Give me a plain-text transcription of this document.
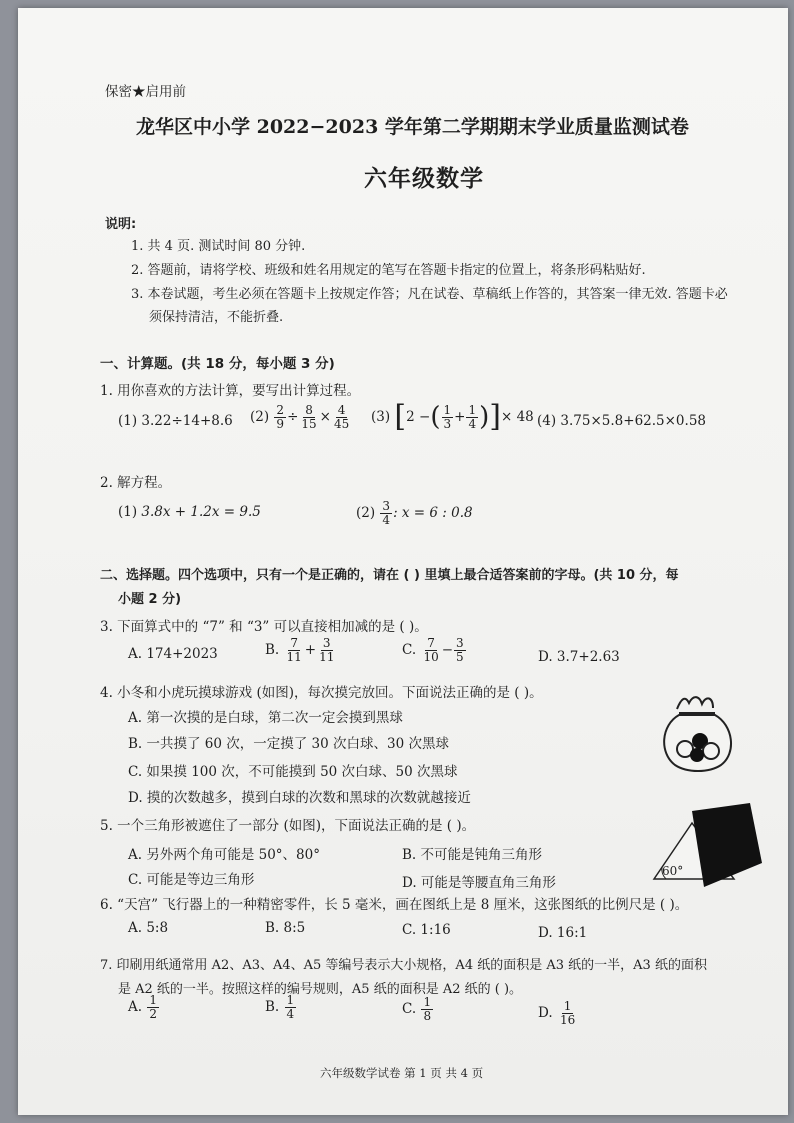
保密★启用前
龙华区中小学 2022−2023 学年第二学期期末学业质量监测试卷
六年级数学
说明:
1. 共 4 页. 测试时间 80 分钟.
2. 答题前，请将学校、班级和姓名用规定的笔写在答题卡指定的位置上，将条形码粘贴好.
3. 本卷试题，考生必须在答题卡上按规定作答；凡在试卷、草稿纸上作答的，其答案一律无效. 答题卡必
须保持清洁，不能折叠.
一、计算题。(共 18 分，每小题 3 分)
1. 用你喜欢的方法计算，要写出计算过程。
(1) 3.22÷14+8.6 (2)
$\frac{2}{9} \div \frac{8}{15} \times \frac{4}{45} (3)$
[ 2 − ( $\frac{1}{3} + \frac{1}{4}$ ) ] × 48 (4) 3.75×5.8+62.5×0.58
2. 解方程。
(1) 3.8x + 1.2x = 9.5	(2)
$\frac{3}{4}$ : x = 6 : 0.8
二、选择题。四个选项中，只有一个是正确的，请在 ( ) 里填上最合适答案前的字母。(共 10 分，每
小题 2 分)
3. 下面算式中的 “7” 和 “3” 可以直接相加减的是 ( )。
A. 174+2023	B.
$\frac{7}{11} + \frac{3}{11}$	C.
$\frac{7}{10} - \frac{3}{5}$	D. 3.7+2.63
4. 小冬和小虎玩摸球游戏 (如图)，每次摸完放回。下面说法正确的是 ( )。
A. 第一次摸的是白球，第二次一定会摸到黑球
B. 一共摸了 60 次，一定摸了 30 次白球、30 次黑球
C. 如果摸 100 次，不可能摸到 50 次白球、50 次黑球
D. 摸的次数越多，摸到白球的次数和黑球的次数就越接近
5. 一个三角形被遮住了一部分 (如图)，下面说法正确的是 ( )。
A. 另外两个角可能是 50°、80°	B. 不可能是钝角三角形
C. 可能是等边三角形	D. 可能是等腰直角三角形
60°
6. “天宫” 飞行器上的一种精密零件，长 5 毫米，画在图纸上是 8 厘米，这张图纸的比例尺是 ( )。
A. 5:8	B. 8:5	C. 1:16	D. 16:1
7. 印刷用纸通常用 A2、A3、A4、A5 等编号表示大小规格，A4 纸的面积是 A3 纸的一半，A3 纸的面积
是 A2 纸的一半。按照这样的编号规则，A5 纸的面积是 A2 纸的 ( )。
A.
$\frac{1}{2}$	B.
$\frac{1}{4}$	C.
$\frac{1}{8}$	D.
$\frac{1}{16}$
六年级数学试卷 第 1 页 共 4 页
